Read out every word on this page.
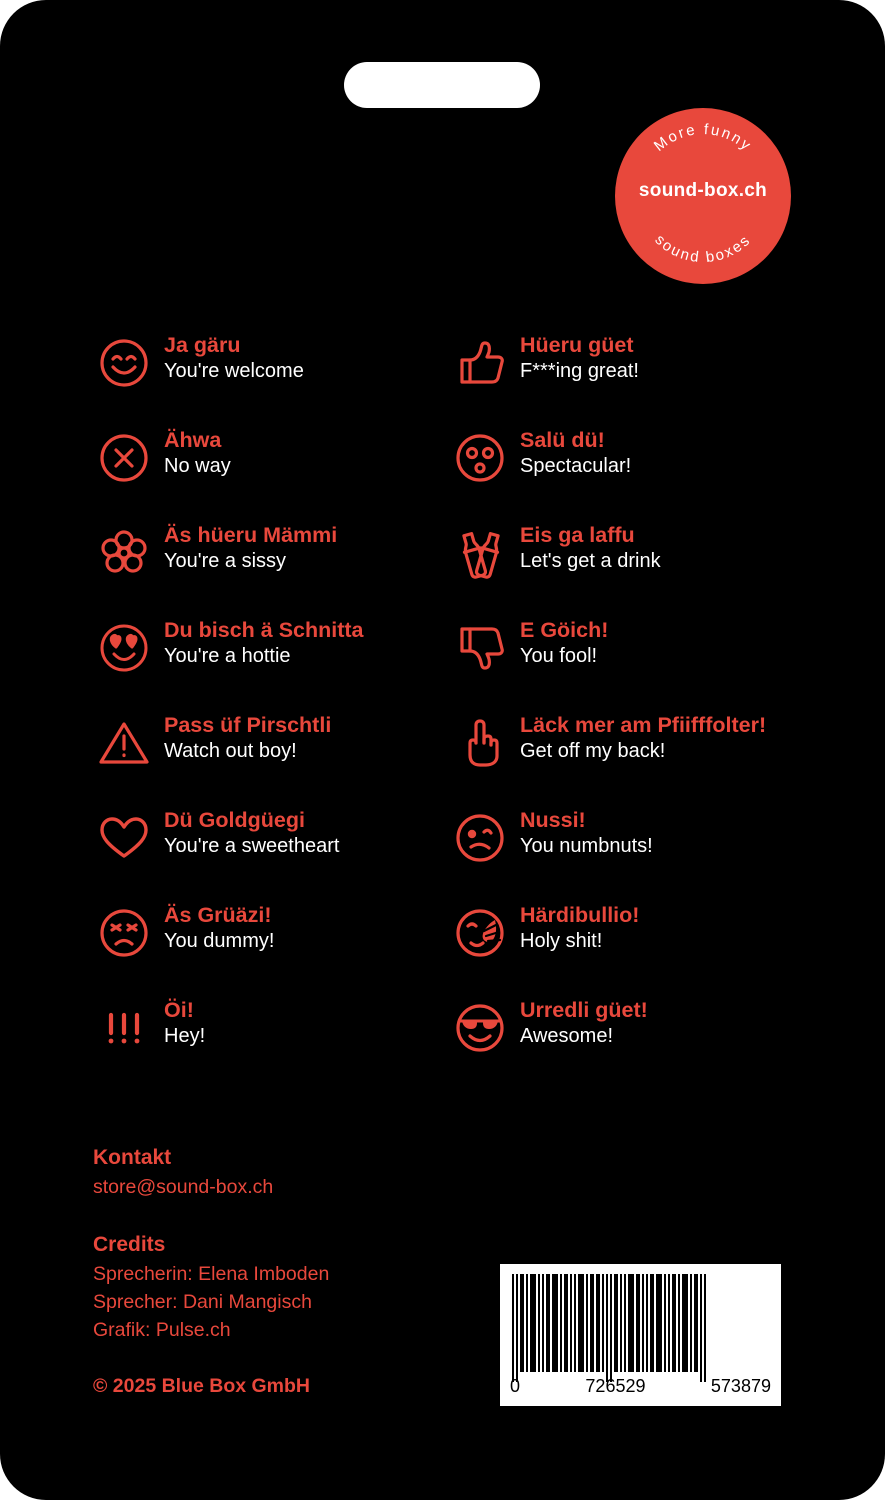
More funny
sound boxes
sound-box.ch
Ja gäru
You're welcome
Hüeru güet
F***ing great!
Ähwa
No way
Salü dü!
Spectacular!
Äs hüeru Mämmi
You're a sissy
Eis ga laffu
Let's get a drink
Du bisch ä Schnitta
You're a hottie
E Göich!
You fool!
Pass üf Pirschtli
Watch out boy!
Läck mer am Pfiifffolter!
Get off my back!
Dü Goldgüegi
You're a sweetheart
Nussi!
You numbnuts!
Äs Grüäzi!
You dummy!
Härdibullio!
Holy shit!
Öi!
Hey!
Urredli güet!
Awesome!
Kontakt
store@sound-box.ch
Credits
Sprecherin: Elena Imboden
Sprecher: Dani Mangisch
Grafik: Pulse.ch
© 2025 Blue Box GmbH	0	726529	573879
